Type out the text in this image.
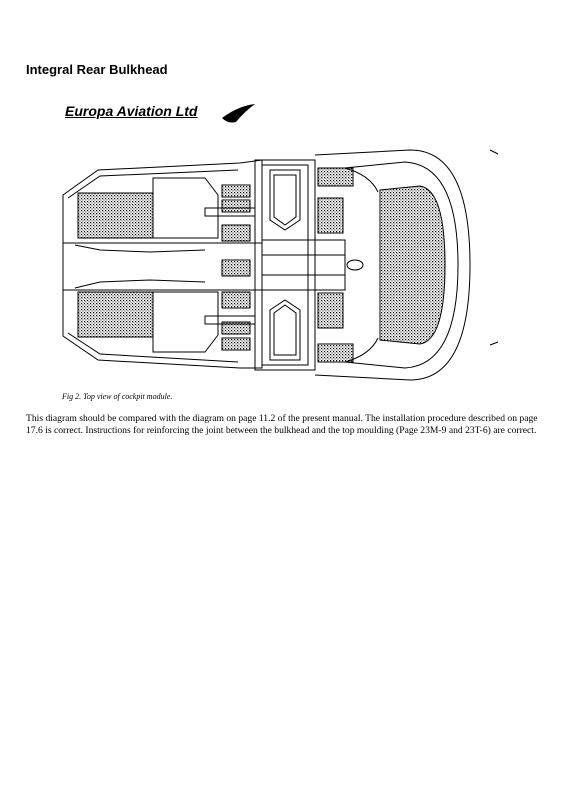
Integral Rear Bulkhead
Europa Aviation Ltd
Fig 2. Top view of cockpit module.
This diagram should be compared with the diagram on page 11.2 of the present manual. The installation procedure described on page 17.6 is correct. Instructions for reinforcing the joint between the bulkhead and the top moulding (Page 23M-9 and 23T-6) are correct.
